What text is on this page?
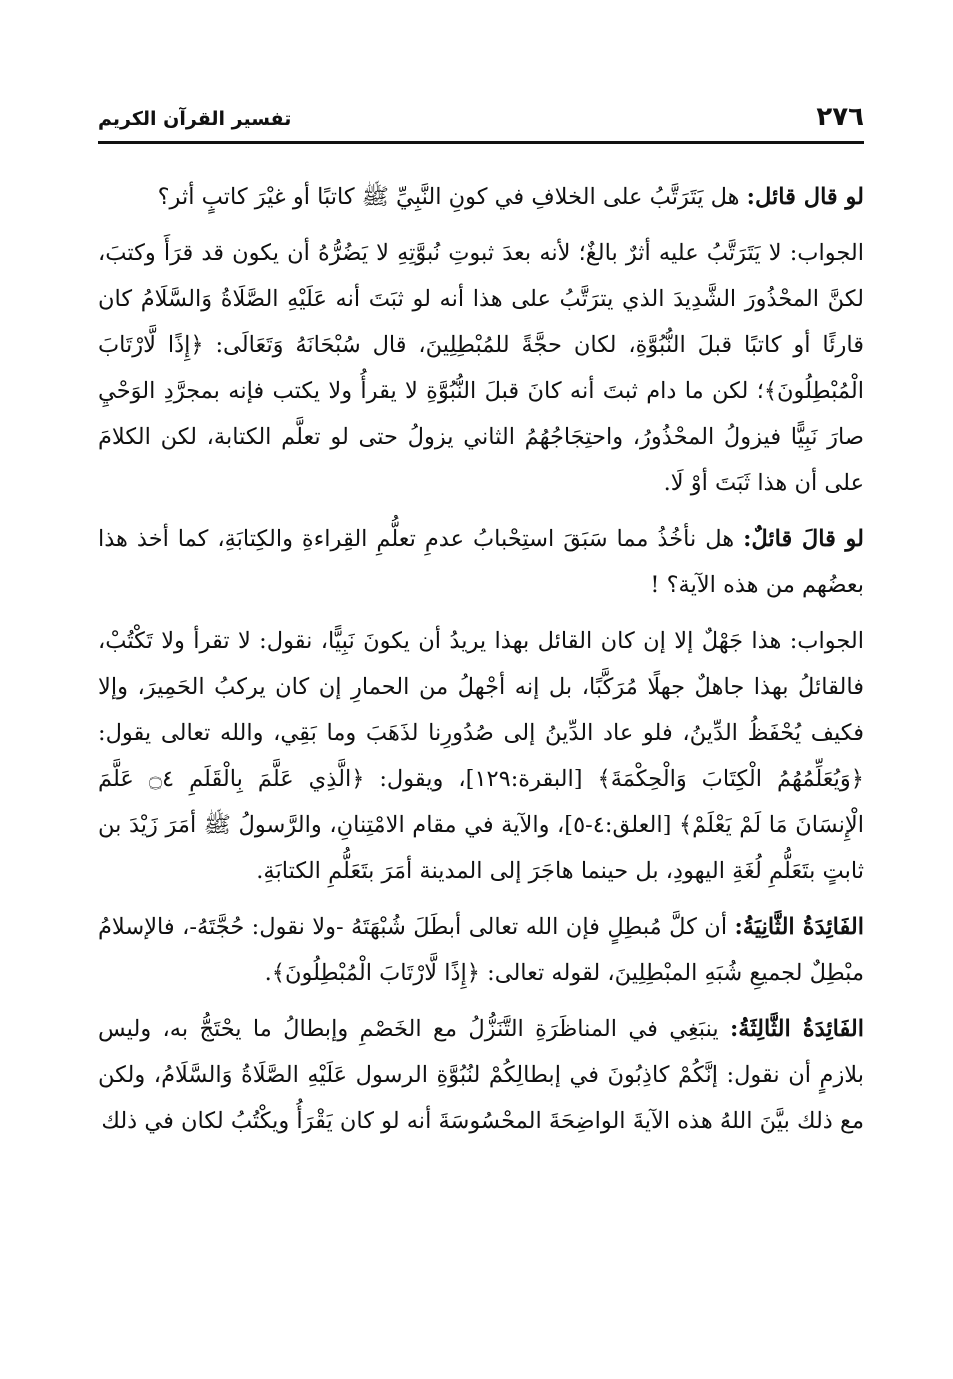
٢٧٦
تفسير القرآن الكريم

لو قال قائل: هل يَتَرَتَّبُ على الخلافِ في كونِ النَّبِيِّ ﷺ كاتبًا أو غيْرَ كاتبٍ أثر؟

الجواب: لا يَتَرَتَّبُ عليه أثرٌ بالغٌ؛ لأنه بعدَ ثبوتِ نُبوَّتِهِ لا يَضُرُّهُ أن يكون قد قرَأَ وكتبَ، لكنَّ المحْذُورَ الشَّدِيدَ الذي يترَتَّبُ على هذا أنه لو ثبَتَ أنه عَلَيْهِ الصَّلَاةُ وَالسَّلَامُ كان قارئًا أو كاتبًا قبلَ النُّبُوَّةِ، لكان حجَّةً للمُبْطِلِينَ، قال سُبْحَانَهُ وَتَعَالَى: ﴿إِذًا لَّارْتَابَ الْمُبْطِلُونَ﴾؛ لكن ما دام ثبتَ أنه كانَ قبلَ النُّبُوَّةِ لا يقرأُ ولا يكتب فإنه بمجرَّدِ الوَحْيِ صارَ نَبِيًّا فيزولُ المحْذُورُ، واحتِجَاجُهُمُ الثاني يزولُ حتى لو تعلَّم الكتابة، لكن الكلامَ على أن هذا ثَبَتَ أوْ لَا.

لو قالَ قائلٌ: هل نأخُذُ مما سَبَقَ استِحْبابُ عدمِ تعلُّمِ القِراءةِ والكِتابَةِ، كما أخذ هذا بعضُهم من هذه الآية؟ !

الجواب: هذا جَهْلٌ إلا إن كان القائل بهذا يريدُ أن يكونَ نَبِيًّا، نقول: لا تقرأ ولا تَكْتُبْ، فالقائلُ بهذا جاهلٌ جهلًا مُرَكَّبًا، بل إنه أجْهلُ من الحمارِ إن كان يركبُ الحَمِيرَ، وإلا فكيف يُحْفَظُ الدِّينُ، فلو عاد الدِّينُ إلى صُدُورِنا لذَهَبَ وما بَقِي، والله تعالى يقول: ﴿وَيُعَلِّمُهُمُ الْكِتَابَ وَالْحِكْمَةَ﴾ [البقرة:١٢٩]، ويقول: ﴿الَّذِي عَلَّمَ بِالْقَلَمِ ۝٤ عَلَّمَ الْإِنسَانَ مَا لَمْ يَعْلَمْ﴾ [العلق:٤-٥]، والآية في مقام الامْتِنانِ، والرَّسولُ ﷺ أمَرَ زَيْدَ بن ثابتٍ بتَعَلُّمِ لُغَةِ اليهودِ، بل حينما هاجَرَ إلى المدينة أمَرَ بتَعَلُّمِ الكتابَةِ.

الفَائِدَةُ الثَّانِيَةُ: أن كلَّ مُبطِلٍ فإن الله تعالى أبطَلَ شُبْهَتَهُ -ولا نقول: حُجَّتَهُ-، فالإسلامُ مبْطِلٌ لجميعِ شُبَهِ المبْطِلِينَ، لقوله تعالى: ﴿إِذًا لَّارْتَابَ الْمُبْطِلُونَ﴾.

الفَائِدَةُ الثَّالِثَةُ: ينبَغِي في المناظَرَةِ التَّنَزُّلُ مع الخَصْمِ وإبطالُ ما يحْتَجُّ به، وليس بلازمٍ أن نقول: إنَّكُمْ كاذِبُونَ في إبطالِكُمْ لنُبُوَّةِ الرسول عَلَيْهِ الصَّلَاةُ وَالسَّلَامُ، ولكن مع ذلك بيَّنَ اللهُ هذه الآيةَ الواضِحَةَ المحْسُوسَةَ أنه لو كان يَقْرَأُ ويكْتُبُ لكان في ذلك
